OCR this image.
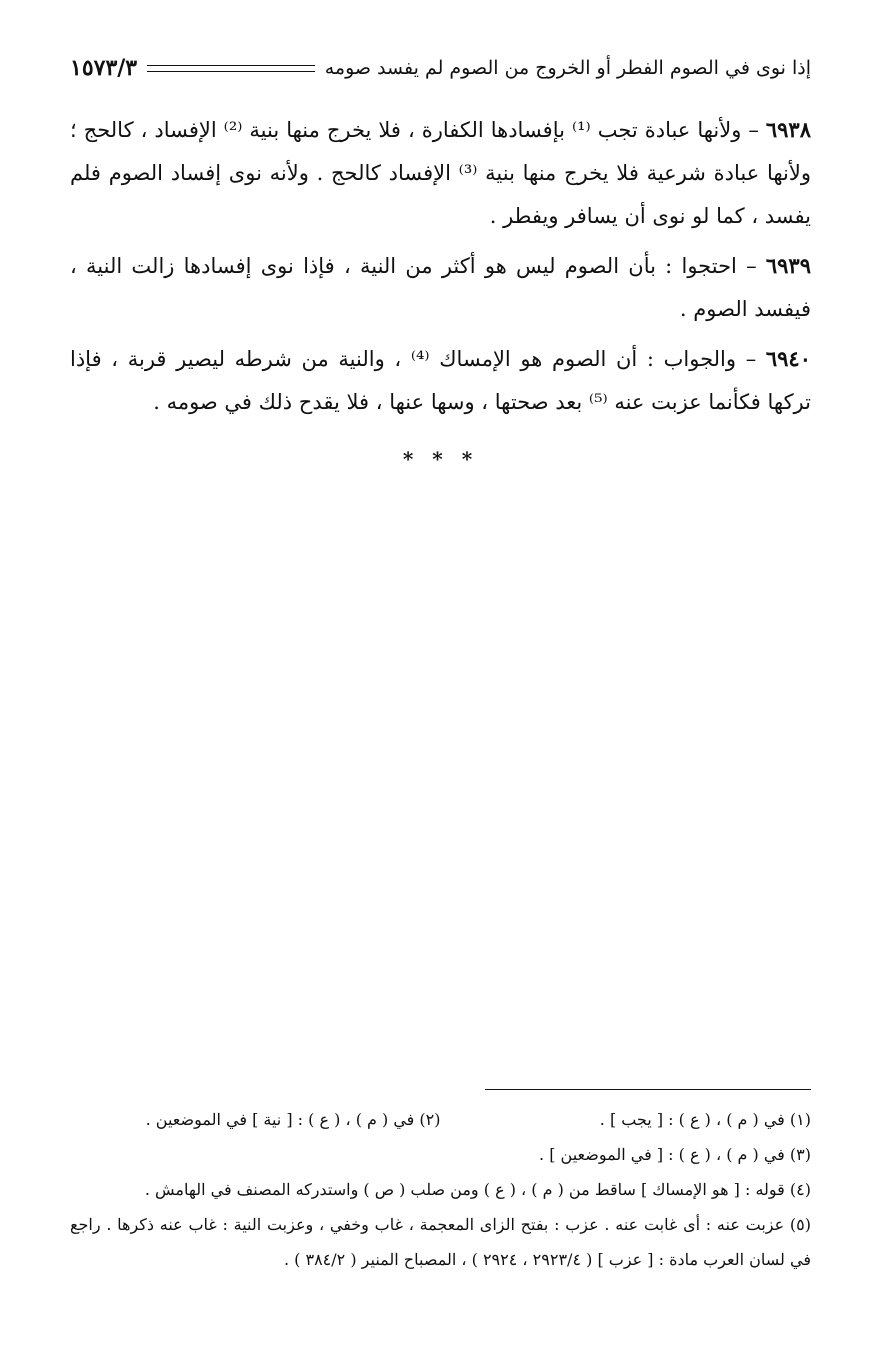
إذا نوى في الصوم الفطر أو الخروج من الصوم لم يفسد صومه
١٥٧٣/٣

٦٩٣٨ – ولأنها عبادة تجب ⁽¹⁾ بإفسادها الكفارة ، فلا يخرج منها بنية ⁽²⁾ الإفساد ، كالحج ؛ ولأنها عبادة شرعية فلا يخرج منها بنية ⁽³⁾ الإفساد كالحج . ولأنه نوى إفساد الصوم فلم يفسد ، كما لو نوى أن يسافر ويفطر .

٦٩٣٩ – احتجوا : بأن الصوم ليس هو أكثر من النية ، فإذا نوى إفسادها زالت النية ، فيفسد الصوم .

٦٩٤٠ – والجواب : أن الصوم هو الإمساك ⁽⁴⁾ ، والنية من شرطه ليصير قربة ، فإذا تركها فكأنما عزبت عنه ⁽⁵⁾ بعد صحتها ، وسها عنها ، فلا يقدح ذلك في صومه .

* * *
(١) في ( م ) ، ( ع ) : [ يجب ] .
(٢) في ( م ) ، ( ع ) : [ نية ] في الموضعين .
(٣) في ( م ) ، ( ع ) : [ في الموضعين ] .
(٤) قوله : [ هو الإمساك ] ساقط من ( م ) ، ( ع ) ومن صلب ( ص ) واستدركه المصنف في الهامش .
(٥) عزبت عنه : أى غابت عنه . عزب : بفتح الزاى المعجمة ، غاب وخفي ، وعزبت النية : غاب عنه ذكرها . راجع في لسان العرب مادة : [ عزب ] ( ٢٩٢٣/٤ ، ٢٩٢٤ ) ، المصباح المنير ( ٣٨٤/٢ ) .
